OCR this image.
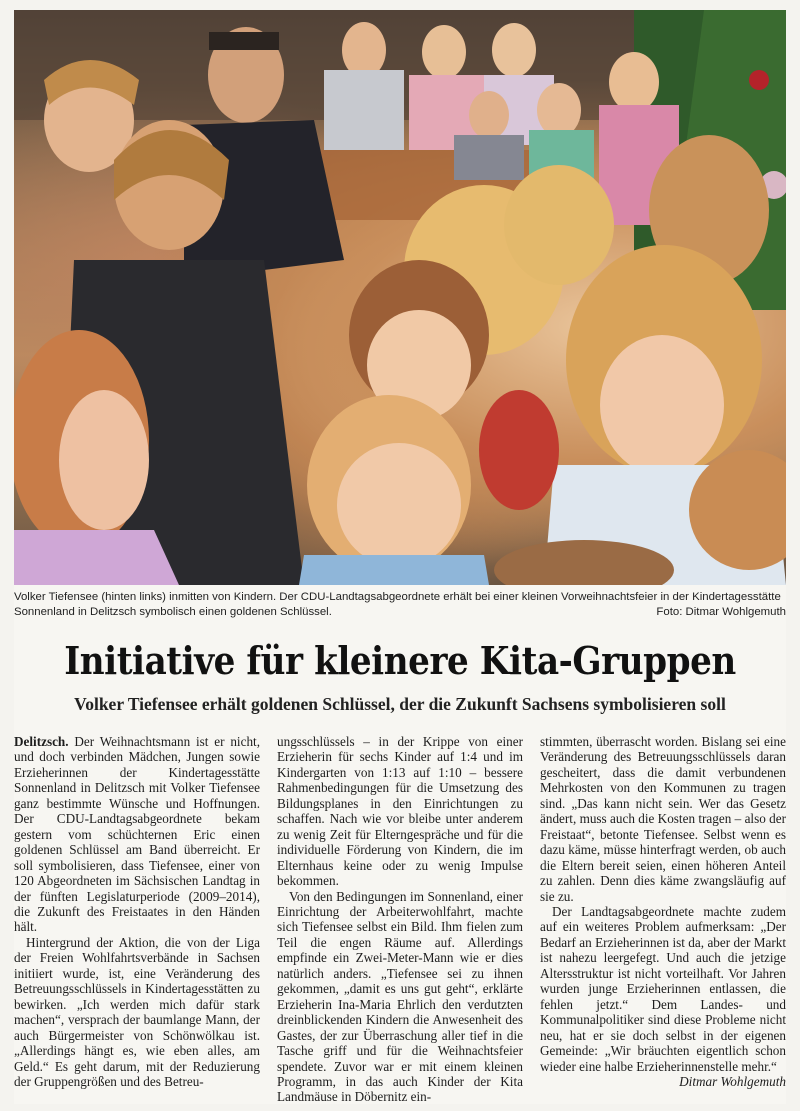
Volker Tiefensee (hinten links) inmitten von Kindern. Der CDU-Landtagsabgeordnete erhält bei einer kleinen Vorweihnachtsfeier in der Kindertagesstätte Sonnenland in Delitzsch symbolisch einen goldenen Schlüssel.	Foto: Ditmar Wohlgemuth
Initiative für kleinere Kita-Gruppen
Volker Tiefensee erhält goldenen Schlüssel, der die Zukunft Sachsens symbolisieren soll

Delitzsch. Der Weihnachtsmann ist er nicht, und doch verbinden Mädchen, Jungen sowie Erzieherinnen der Kindertagesstätte Sonnenland in Delitzsch mit Volker Tiefensee ganz bestimmte Wünsche und Hoffnungen. Der CDU-Landtagsabgeordnete bekam gestern vom schüchternen Eric einen goldenen Schlüssel am Band überreicht. Er soll symbolisieren, dass Tiefensee, einer von 120 Abgeordneten im Sächsischen Landtag in der fünften Legislaturperiode (2009–2014), die Zukunft des Freistaates in den Händen hält.

Hintergrund der Aktion, die von der Liga der Freien Wohlfahrtsverbände in Sachsen initiiert wurde, ist, eine Veränderung des Betreuungsschlüssels in Kindertagesstätten zu bewirken. „Ich werden mich dafür stark machen“, versprach der baumlange Mann, der auch Bürgermeister von Schönwölkau ist. „Allerdings hängt es, wie eben alles, am Geld.“ Es geht darum, mit der Reduzierung der Gruppengrößen und des Betreu-

ungsschlüssels – in der Krippe von einer Erzieherin für sechs Kinder auf 1:4 und im Kindergarten von 1:13 auf 1:10 – bessere Rahmenbedingungen für die Umsetzung des Bildungsplanes in den Einrichtungen zu schaffen. Nach wie vor bleibe unter anderem zu wenig Zeit für Elterngespräche und für die individuelle Förderung von Kindern, die im Elternhaus keine oder zu wenig Impulse bekommen.

Von den Bedingungen im Sonnenland, einer Einrichtung der Arbeiterwohlfahrt, machte sich Tiefensee selbst ein Bild. Ihm fielen zum Teil die engen Räume auf. Allerdings empfinde ein Zwei-Meter-Mann wie er dies natürlich anders. „Tiefensee sei zu ihnen gekommen, „damit es uns gut geht“, erklärte Erzieherin Ina-Maria Ehrlich den verdutzten dreinblickenden Kindern die Anwesenheit des Gastes, der zur Überraschung aller tief in die Tasche griff und für die Weihnachtsfeier spendete. Zuvor war er mit einem kleinen Programm, in das auch Kinder der Kita Landmäuse in Döbernitz ein-

stimmten, überrascht worden. Bislang sei eine Veränderung des Betreuungsschlüssels daran gescheitert, dass die damit verbundenen Mehrkosten von den Kommunen zu tragen sind. „Das kann nicht sein. Wer das Gesetz ändert, muss auch die Kosten tragen – also der Freistaat“, betonte Tiefensee. Selbst wenn es dazu käme, müsse hinterfragt werden, ob auch die Eltern bereit seien, einen höheren Anteil zu zahlen. Denn dies käme zwangsläufig auf sie zu.

Der Landtagsabgeordnete machte zudem auf ein weiteres Problem aufmerksam: „Der Bedarf an Erzieherinnen ist da, aber der Markt ist nahezu leergefegt. Und auch die jetzige Altersstruktur ist nicht vorteilhaft. Vor Jahren wurden junge Erzieherinnen entlassen, die fehlen jetzt.“ Dem Landes- und Kommunalpolitiker sind diese Probleme nicht neu, hat er sie doch selbst in der eigenen Gemeinde: „Wir bräuchten eigentlich schon wieder eine halbe Erzieherinnenstelle mehr.“
Ditmar Wohlgemuth
